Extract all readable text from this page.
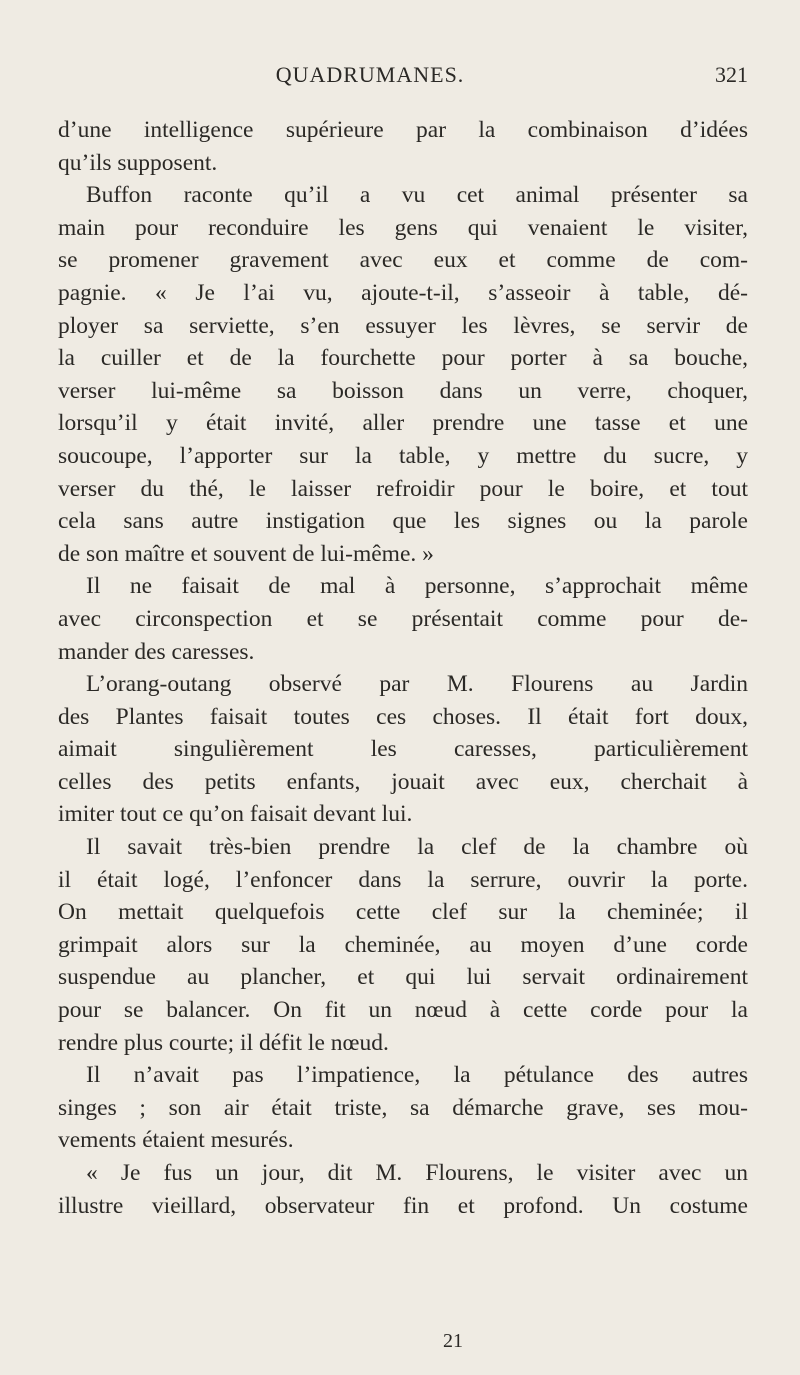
QUADRUMANES.	321
d’une intelligence supérieure par la combinaison d’idées
qu’ils supposent.
Buffon raconte qu’il a vu cet animal présenter sa
main pour reconduire les gens qui venaient le visiter,
se promener gravement avec eux et comme de com-
pagnie. « Je l’ai vu, ajoute-t-il, s’asseoir à table, dé-
ployer sa serviette, s’en essuyer les lèvres, se servir de
la cuiller et de la fourchette pour porter à sa bouche,
verser lui-même sa boisson dans un verre, choquer,
lorsqu’il y était invité, aller prendre une tasse et une
soucoupe, l’apporter sur la table, y mettre du sucre, y
verser du thé, le laisser refroidir pour le boire, et tout
cela sans autre instigation que les signes ou la parole
de son maître et souvent de lui-même. »
Il ne faisait de mal à personne, s’approchait même
avec circonspection et se présentait comme pour de-
mander des caresses.
L’orang-outang observé par M. Flourens au Jardin
des Plantes faisait toutes ces choses. Il était fort doux,
aimait singulièrement les caresses, particulièrement
celles des petits enfants, jouait avec eux, cherchait à
imiter tout ce qu’on faisait devant lui.
Il savait très-bien prendre la clef de la chambre où
il était logé, l’enfoncer dans la serrure, ouvrir la porte.
On mettait quelquefois cette clef sur la cheminée; il
grimpait alors sur la cheminée, au moyen d’une corde
suspendue au plancher, et qui lui servait ordinairement
pour se balancer. On fit un nœud à cette corde pour la
rendre plus courte; il défit le nœud.
Il n’avait pas l’impatience, la pétulance des autres
singes ; son air était triste, sa démarche grave, ses mou-
vements étaient mesurés.
« Je fus un jour, dit M. Flourens, le visiter avec un
illustre vieillard, observateur fin et profond. Un costume
21
